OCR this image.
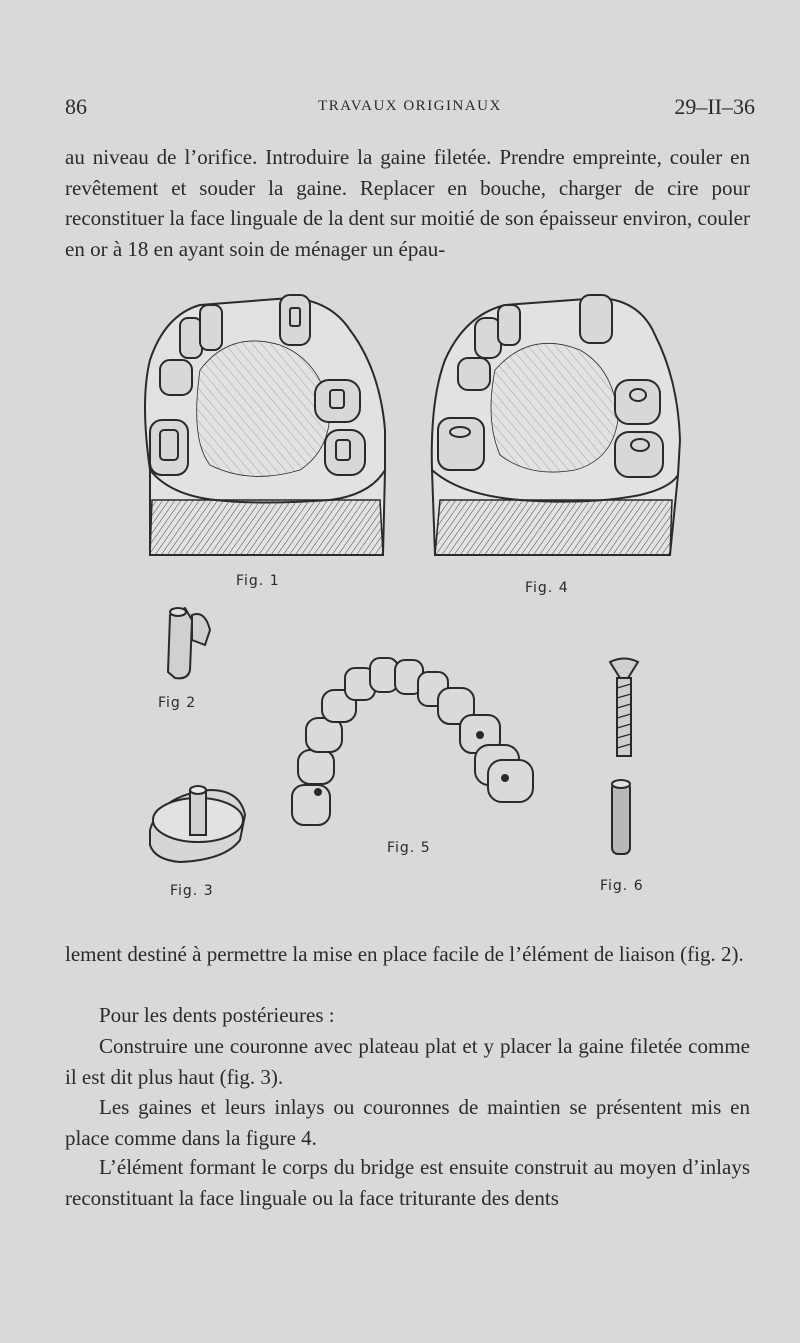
86	TRAVAUX ORIGINAUX	29–II–36

au niveau de l’orifice. Introduire la gaine filetée. Prendre empreinte, couler en revêtement et souder la gaine. Replacer en bouche, charger de cire pour reconstituer la face linguale de la dent sur moitié de son épaisseur environ, couler en or à 18 en ayant soin de ménager un épau-

Fig. 1	Fig. 4
Fig 2
Fig. 3
Fig. 5
Fig. 6

lement destiné à permettre la mise en place facile de l’élément de liaison (fig. 2).

Pour les dents postérieures :

Construire une couronne avec plateau plat et y placer la gaine filetée comme il est dit plus haut (fig. 3).

Les gaines et leurs inlays ou couronnes de maintien se présentent mis en place comme dans la figure 4.

L’élément formant le corps du bridge est ensuite construit au moyen d’inlays reconstituant la face linguale ou la face triturante des dents
